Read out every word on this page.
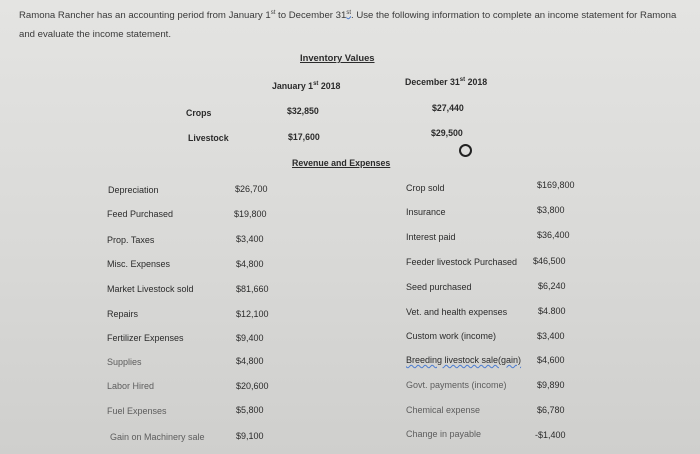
Ramona Rancher has an accounting period from January 1st to December 31st. Use the following information to complete an income statement for Ramona and evaluate the income statement.
Inventory Values
January 1st 2018	December 31st 2018
Crops	$32,850	$27,440
Livestock	$17,600	$29,500
Revenue and Expenses
Depreciation	$26,700
Feed Purchased	$19,800
Prop. Taxes	$3,400
Misc. Expenses	$4,800
Market Livestock sold	$81,660
Repairs	$12,100
Fertilizer Expenses	$9,400
Supplies	$4,800
Labor Hired	$20,600
Fuel Expenses	$5,800
Gain on Machinery sale	$9,100
Crop sold	$169,800
Insurance	$3,800
Interest paid	$36,400
Feeder livestock Purchased $46,500
Seed purchased	$6,240
Vet. and health expenses	$4.800
Custom work (income)	$3,400
Breeding livestock sale(gain) $4,600
Govt. payments (income)	$9,890
Chemical expense	$6,780
Change in payable	-$1,400
